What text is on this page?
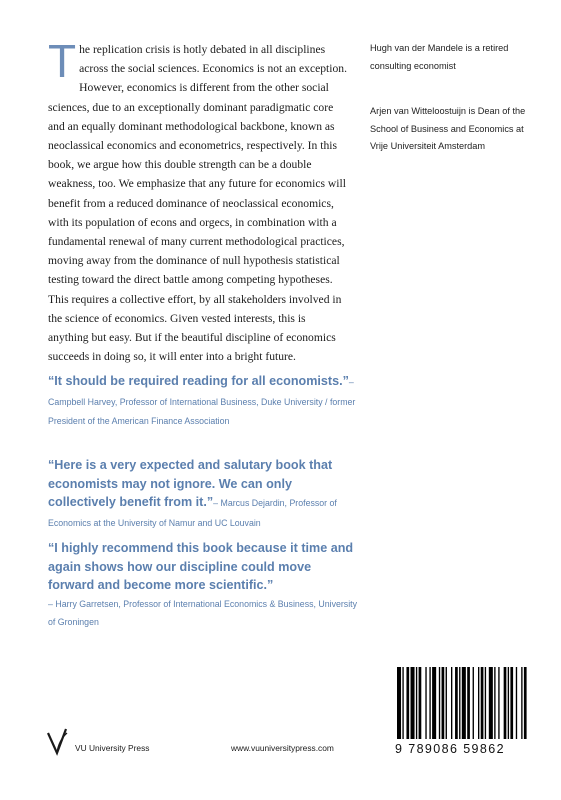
T he replication crisis is hotly debated in all disciplines across the social sciences. Economics is not an exception. However, economics is different from the other social sciences, due to an exceptionally dominant paradigmatic core and an equally dominant methodological backbone, known as neoclassical economics and econometrics, respectively. In this book, we argue how this double strength can be a double weakness, too. We emphasize that any future for economics will benefit from a reduced dominance of neoclassical economics, with its population of econs and orgecs, in combination with a fundamental renewal of many current methodological practices, moving away from the dominance of null hypothesis statistical testing toward the direct battle among competing hypotheses. This requires a collective effort, by all stakeholders involved in the science of economics. Given vested interests, this is anything but easy. But if the beautiful discipline of economics succeeds in doing so, it will enter into a bright future.
Hugh van der Mandele is a retired consulting economist
Arjen van Witteloostuijn is Dean of the School of Business and Economics at Vrije Universiteit Amsterdam
“It should be required reading for all economists.”– Campbell Harvey, Professor of International Business, Duke University / former President of the American Finance Association
“Here is a very expected and salutary book that economists may not ignore. We can only collectively benefit from it.”– Marcus Dejardin, Professor of Economics at the University of Namur and UC Louvain
“I highly recommend this book because it time and again shows how our discipline could move forward and become more scientific.”
– Harry Garretsen, Professor of International Economics & Business, University of Groningen
VU University Press	www.vuuniversitypress.com	9 789086 59862
